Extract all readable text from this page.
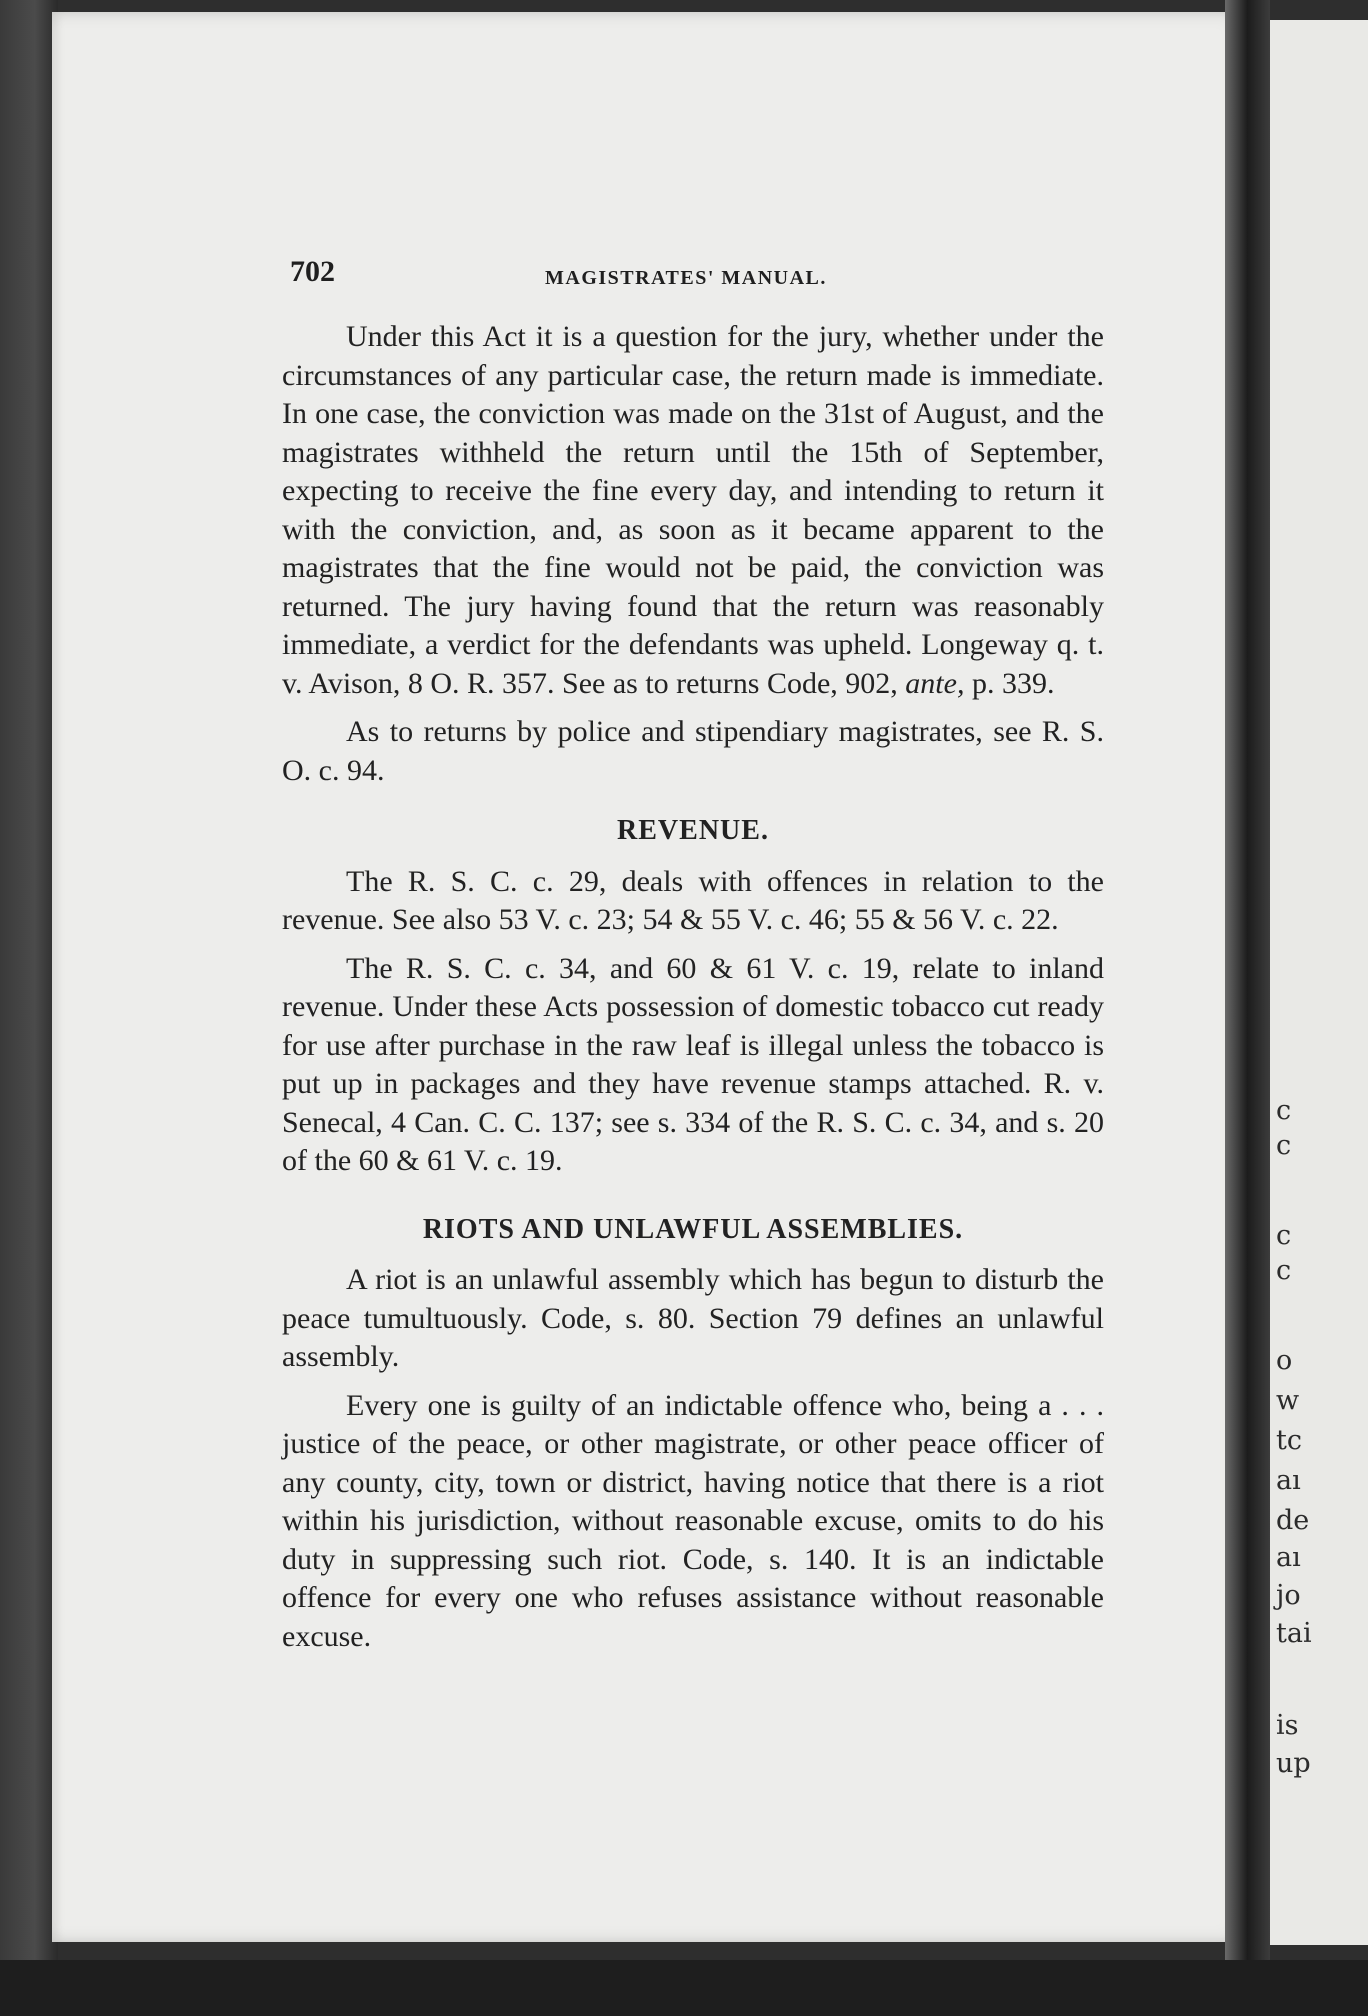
c
c
c
c
o
w
tc
aı
de
aı
jo
tai
is
up
702	MAGISTRATES' MANUAL.

Under this Act it is a question for the jury, whether under the circumstances of any particular case, the return made is immediate. In one case, the conviction was made on the 31st of August, and the magistrates withheld the return until the 15th of September, expecting to receive the fine every day, and intending to return it with the conviction, and, as soon as it became apparent to the magistrates that the fine would not be paid, the conviction was returned. The jury having found that the return was reasonably immediate, a verdict for the defendants was upheld. Longeway q. t. v. Avison, 8 O. R. 357. See as to returns Code, 902, ante, p. 339.

As to returns by police and stipendiary magistrates, see R. S. O. c. 94.

REVENUE.

The R. S. C. c. 29, deals with offences in relation to the revenue. See also 53 V. c. 23; 54 & 55 V. c. 46; 55 & 56 V. c. 22.

The R. S. C. c. 34, and 60 & 61 V. c. 19, relate to inland revenue. Under these Acts possession of domestic tobacco cut ready for use after purchase in the raw leaf is illegal unless the tobacco is put up in packages and they have revenue stamps attached. R. v. Senecal, 4 Can. C. C. 137; see s. 334 of the R. S. C. c. 34, and s. 20 of the 60 & 61 V. c. 19.

RIOTS AND UNLAWFUL ASSEMBLIES.

A riot is an unlawful assembly which has begun to disturb the peace tumultuously. Code, s. 80. Section 79 defines an unlawful assembly.

Every one is guilty of an indictable offence who, being a . . . justice of the peace, or other magistrate, or other peace officer of any county, city, town or district, having notice that there is a riot within his jurisdiction, without reasonable excuse, omits to do his duty in suppressing such riot. Code, s. 140. It is an indictable offence for every one who refuses assistance without reasonable excuse.
